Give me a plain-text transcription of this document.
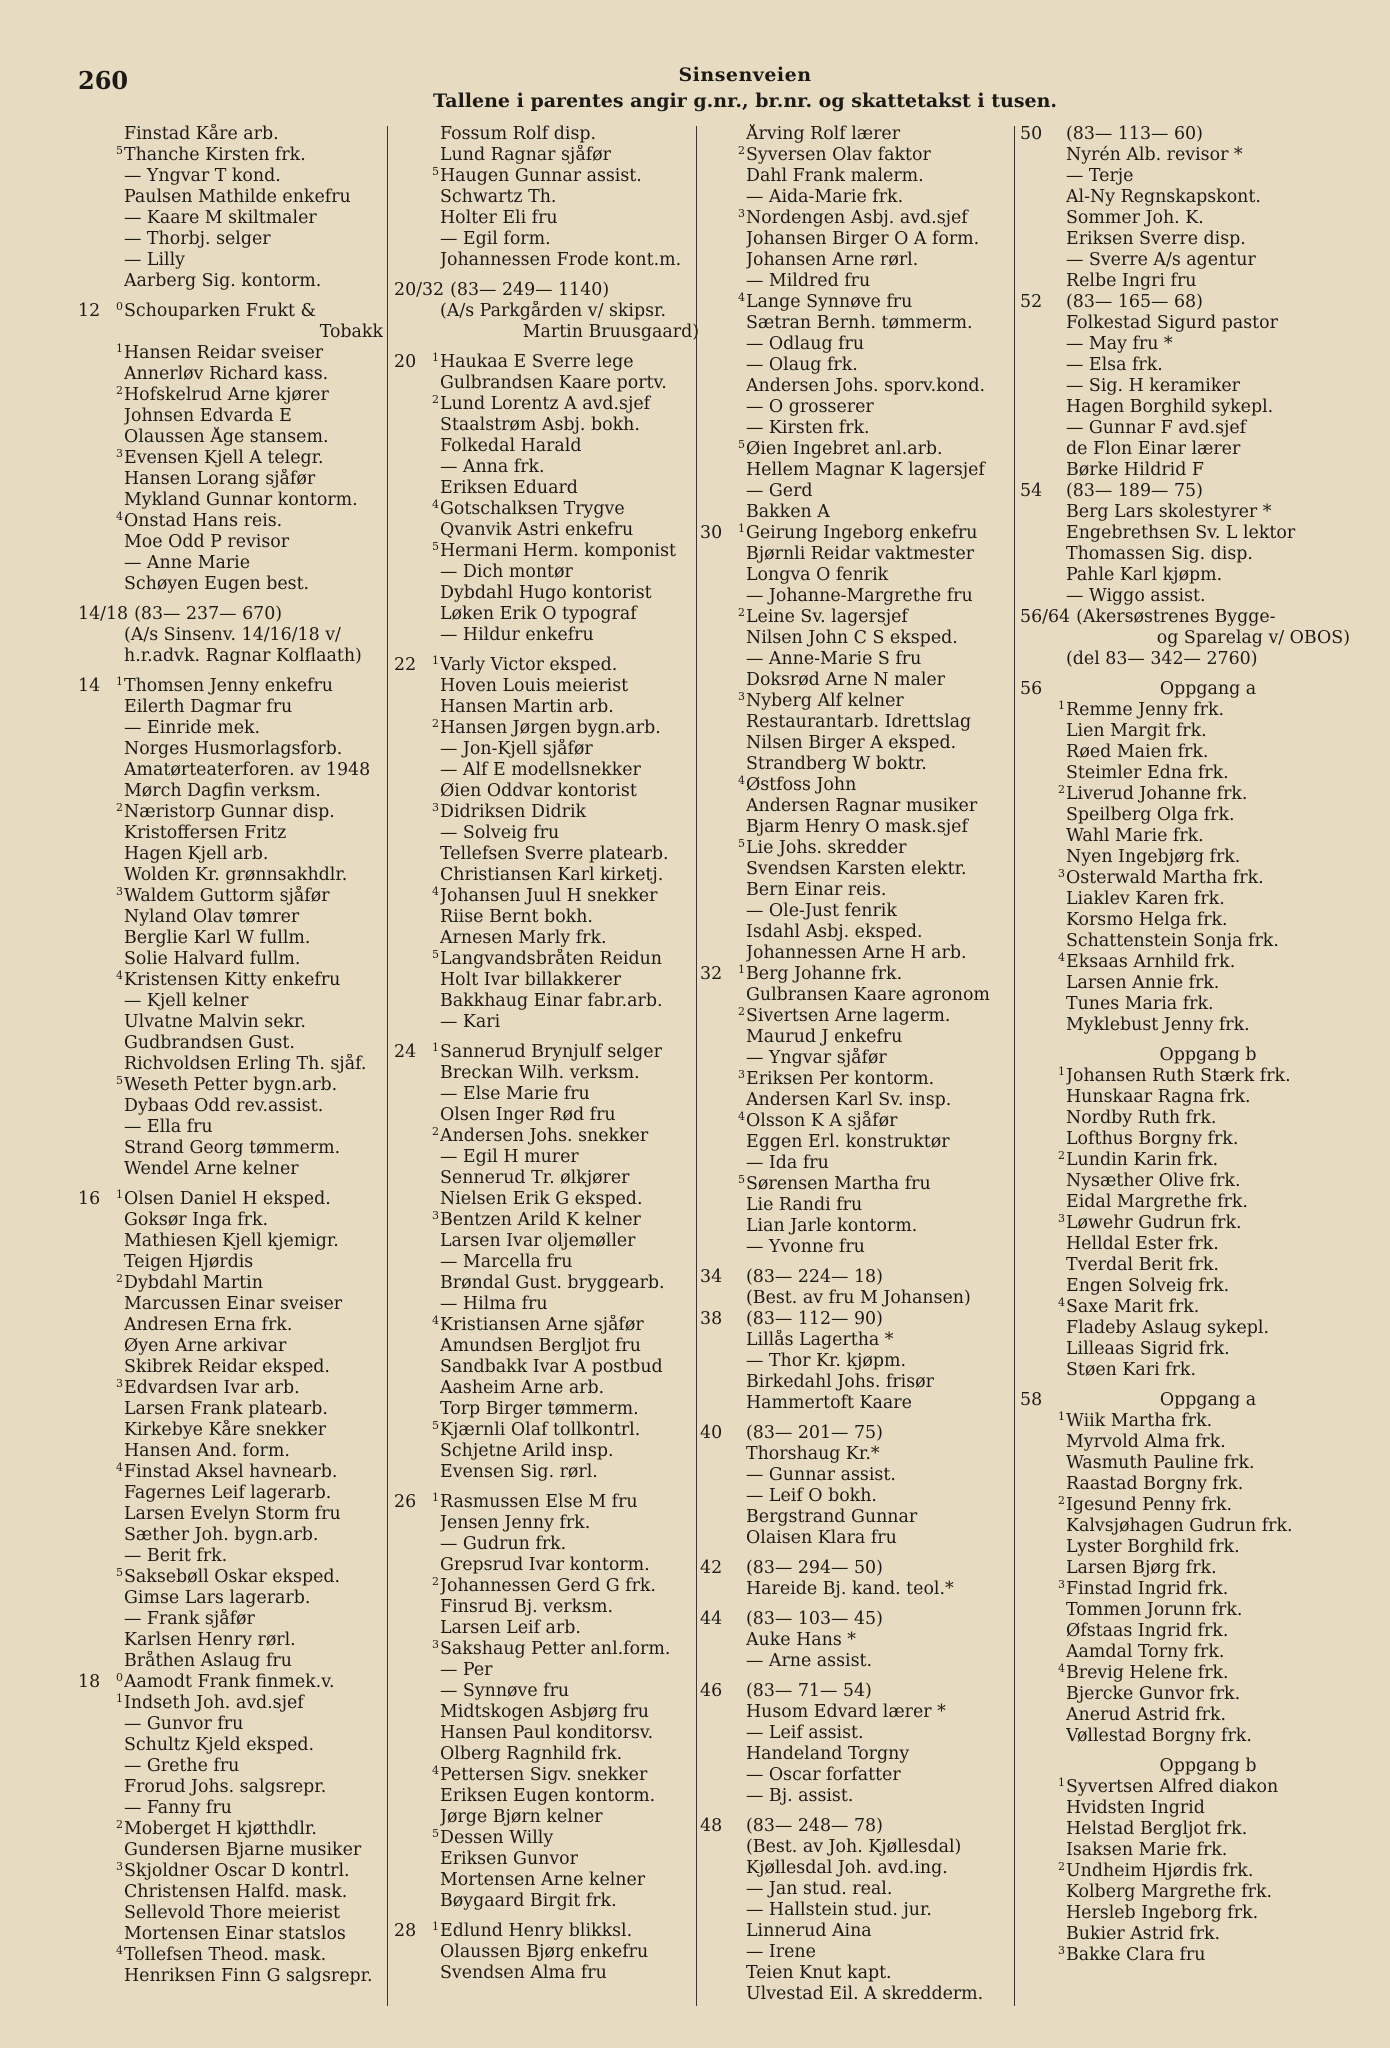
260	Sinsenveien
Tallene i parentes angir g.nr., br.nr. og skattetakst i tusen.
Finstad Kåre arb.
5 Thanche Kirsten frk.
— Yngvar T kond.
Paulsen Mathilde enkefru
— Kaare M skiltmaler
— Thorbj. selger
— Lilly
Aarberg Sig. kontorm.
12	0 Schouparken Frukt &
Tobakk
1 Hansen Reidar sveiser
Annerløv Richard kass.
2 Hofskelrud Arne kjører
Johnsen Edvarda E
Olaussen Åge stansem.
3 Evensen Kjell A telegr.
Hansen Lorang sjåfør
Mykland Gunnar kontorm.
4 Onstad Hans reis.
Moe Odd P revisor
— Anne Marie
Schøyen Eugen best.
14/18 (83— 237— 670)
(A/s Sinsenv. 14/16/18 v/
h.r.advk. Ragnar Kolflaath)
14	1 Thomsen Jenny enkefru
Eilerth Dagmar fru
— Einride mek.
Norges Husmorlagsforb.
Amatørteaterforen. av 1948
Mørch Dagfin verksm.
2 Næristorp Gunnar disp.
Kristoffersen Fritz
Hagen Kjell arb.
Wolden Kr. grønnsakhdlr.
3 Waldem Guttorm sjåfør
Nyland Olav tømrer
Berglie Karl W fullm.
Solie Halvard fullm.
4 Kristensen Kitty enkefru
— Kjell kelner
Ulvatne Malvin sekr.
Gudbrandsen Gust.
Richvoldsen Erling Th. sjåf.
5 Weseth Petter bygn.arb.
Dybaas Odd rev.assist.
— Ella fru
Strand Georg tømmerm.
Wendel Arne kelner
16	1 Olsen Daniel H eksped.
Goksør Inga frk.
Mathiesen Kjell kjemigr.
Teigen Hjørdis
2 Dybdahl Martin
Marcussen Einar sveiser
Andresen Erna frk.
Øyen Arne arkivar
Skibrek Reidar eksped.
3 Edvardsen Ivar arb.
Larsen Frank platearb.
Kirkebye Kåre snekker
Hansen And. form.
4 Finstad Aksel havnearb.
Fagernes Leif lagerarb.
Larsen Evelyn Storm fru
Sæther Joh. bygn.arb.
— Berit frk.
5 Saksebøll Oskar eksped.
Gimse Lars lagerarb.
— Frank sjåfør
Karlsen Henry rørl.
Bråthen Aslaug fru
18	0 Aamodt Frank finmek.v.
1 Indseth Joh. avd.sjef
— Gunvor fru
Schultz Kjeld eksped.
— Grethe fru
Frorud Johs. salgsrepr.
— Fanny fru
2 Moberget H kjøtthdlr.
Gundersen Bjarne musiker
3 Skjoldner Oscar D kontrl.
Christensen Halfd. mask.
Sellevold Thore meierist
Mortensen Einar statslos
4 Tollefsen Theod. mask.
Henriksen Finn G salgsrepr.
Fossum Rolf disp.
Lund Ragnar sjåfør
5 Haugen Gunnar assist.
Schwartz Th.
Holter Eli fru
— Egil form.
Johannessen Frode kont.m.
20/32 (83— 249— 1140)
(A/s Parkgården v/ skipsr.
Martin Bruusgaard)
20	1 Haukaa E Sverre lege
Gulbrandsen Kaare portv.
2 Lund Lorentz A avd.sjef
Staalstrøm Asbj. bokh.
Folkedal Harald
— Anna frk.
Eriksen Eduard
4 Gotschalksen Trygve
Qvanvik Astri enkefru
5 Hermani Herm. komponist
— Dich montør
Dybdahl Hugo kontorist
Løken Erik O typograf
— Hildur enkefru
22	1 Varly Victor eksped.
Hoven Louis meierist
Hansen Martin arb.
2 Hansen Jørgen bygn.arb.
— Jon-Kjell sjåfør
— Alf E modellsnekker
Øien Oddvar kontorist
3 Didriksen Didrik
— Solveig fru
Tellefsen Sverre platearb.
Christiansen Karl kirketj.
4 Johansen Juul H snekker
Riise Bernt bokh.
Arnesen Marly frk.
5 Langvandsbråten Reidun
Holt Ivar billakkerer
Bakkhaug Einar fabr.arb.
— Kari
24	1 Sannerud Brynjulf selger
Breckan Wilh. verksm.
— Else Marie fru
Olsen Inger Rød fru
2 Andersen Johs. snekker
— Egil H murer
Sennerud Tr. ølkjører
Nielsen Erik G eksped.
3 Bentzen Arild K kelner
Larsen Ivar oljemøller
— Marcella fru
Brøndal Gust. bryggearb.
— Hilma fru
4 Kristiansen Arne sjåfør
Amundsen Bergljot fru
Sandbakk Ivar A postbud
Aasheim Arne arb.
Torp Birger tømmerm.
5 Kjærnli Olaf tollkontrl.
Schjetne Arild insp.
Evensen Sig. rørl.
26	1 Rasmussen Else M fru
Jensen Jenny frk.
— Gudrun frk.
Grepsrud Ivar kontorm.
2 Johannessen Gerd G frk.
Finsrud Bj. verksm.
Larsen Leif arb.
3 Sakshaug Petter anl.form.
— Per
— Synnøve fru
Midtskogen Asbjørg fru
Hansen Paul konditorsv.
Olberg Ragnhild frk.
4 Pettersen Sigv. snekker
Eriksen Eugen kontorm.
Jørge Bjørn kelner
5 Dessen Willy
Eriksen Gunvor
Mortensen Arne kelner
Bøygaard Birgit frk.
28	1 Edlund Henry blikksl.
Olaussen Bjørg enkefru
Svendsen Alma fru
Årving Rolf lærer
2 Syversen Olav faktor
Dahl Frank malerm.
— Aida-Marie frk.
3 Nordengen Asbj. avd.sjef
Johansen Birger O A form.
Johansen Arne rørl.
— Mildred fru
4 Lange Synnøve fru
Sætran Bernh. tømmerm.
— Odlaug fru
— Olaug frk.
Andersen Johs. sporv.kond.
— O grosserer
— Kirsten frk.
5 Øien Ingebret anl.arb.
Hellem Magnar K lagersjef
— Gerd
Bakken A
30	1 Geirung Ingeborg enkefru
Bjørnli Reidar vaktmester
Longva O fenrik
— Johanne-Margrethe fru
2 Leine Sv. lagersjef
Nilsen John C S eksped.
— Anne-Marie S fru
Doksrød Arne N maler
3 Nyberg Alf kelner
Restaurantarb. Idrettslag
Nilsen Birger A eksped.
Strandberg W boktr.
4 Østfoss John
Andersen Ragnar musiker
Bjarm Henry O mask.sjef
5 Lie Johs. skredder
Svendsen Karsten elektr.
Bern Einar reis.
— Ole-Just fenrik
Isdahl Asbj. eksped.
Johannessen Arne H arb.
32	1 Berg Johanne frk.
Gulbransen Kaare agronom
2 Sivertsen Arne lagerm.
Maurud J enkefru
— Yngvar sjåfør
3 Eriksen Per kontorm.
Andersen Karl Sv. insp.
4 Olsson K A sjåfør
Eggen Erl. konstruktør
— Ida fru
5 Sørensen Martha fru
Lie Randi fru
Lian Jarle kontorm.
— Yvonne fru
34	(83— 224— 18)
(Best. av fru M Johansen)
38	(83— 112— 90)
Lillås Lagertha *
— Thor Kr. kjøpm.
Birkedahl Johs. frisør
Hammertoft Kaare
40	(83— 201— 75)
Thorshaug Kr.*
— Gunnar assist.
— Leif O bokh.
Bergstrand Gunnar
Olaisen Klara fru
42	(83— 294— 50)
Hareide Bj. kand. teol.*
44	(83— 103— 45)
Auke Hans *
— Arne assist.
46	(83— 71— 54)
Husom Edvard lærer *
— Leif assist.
Handeland Torgny
— Oscar forfatter
— Bj. assist.
48	(83— 248— 78)
(Best. av Joh. Kjøllesdal)
Kjøllesdal Joh. avd.ing.
— Jan stud. real.
— Hallstein stud. jur.
Linnerud Aina
— Irene
Teien Knut kapt.
Ulvestad Eil. A skredderm.
50	(83— 113— 60)
Nyrén Alb. revisor *
— Terje
Al-Ny Regnskapskont.
Sommer Joh. K.
Eriksen Sverre disp.
— Sverre A/s agentur
Relbe Ingri fru
52	(83— 165— 68)
Folkestad Sigurd pastor
— May fru *
— Elsa frk.
— Sig. H keramiker
Hagen Borghild sykepl.
— Gunnar F avd.sjef
de Flon Einar lærer
Børke Hildrid F
54	(83— 189— 75)
Berg Lars skolestyrer *
Engebrethsen Sv. L lektor
Thomassen Sig. disp.
Pahle Karl kjøpm.
— Wiggo assist.
56/64 (Akersøstrenes Bygge-
og Sparelag v/ OBOS)
(del 83— 342— 2760)
56	Oppgang a
1 Remme Jenny frk.
Lien Margit frk.
Røed Maien frk.
Steimler Edna frk.
2 Liverud Johanne frk.
Speilberg Olga frk.
Wahl Marie frk.
Nyen Ingebjørg frk.
3 Osterwald Martha frk.
Liaklev Karen frk.
Korsmo Helga frk.
Schattenstein Sonja frk.
4 Eksaas Arnhild frk.
Larsen Annie frk.
Tunes Maria frk.
Myklebust Jenny frk.
Oppgang b
1 Johansen Ruth Stærk frk.
Hunskaar Ragna frk.
Nordby Ruth frk.
Lofthus Borgny frk.
2 Lundin Karin frk.
Nysæther Olive frk.
Eidal Margrethe frk.
3 Løwehr Gudrun frk.
Helldal Ester frk.
Tverdal Berit frk.
Engen Solveig frk.
4 Saxe Marit frk.
Fladeby Aslaug sykepl.
Lilleaas Sigrid frk.
Støen Kari frk.
58	Oppgang a
1 Wiik Martha frk.
Myrvold Alma frk.
Wasmuth Pauline frk.
Raastad Borgny frk.
2 Igesund Penny frk.
Kalvsjøhagen Gudrun frk.
Lyster Borghild frk.
Larsen Bjørg frk.
3 Finstad Ingrid frk.
Tommen Jorunn frk.
Øfstaas Ingrid frk.
Aamdal Torny frk.
4 Brevig Helene frk.
Bjercke Gunvor frk.
Anerud Astrid frk.
Vøllestad Borgny frk.
Oppgang b
1 Syvertsen Alfred diakon
Hvidsten Ingrid
Helstad Bergljot frk.
Isaksen Marie frk.
2 Undheim Hjørdis frk.
Kolberg Margrethe frk.
Hersleb Ingeborg frk.
Bukier Astrid frk.
3 Bakke Clara fru
